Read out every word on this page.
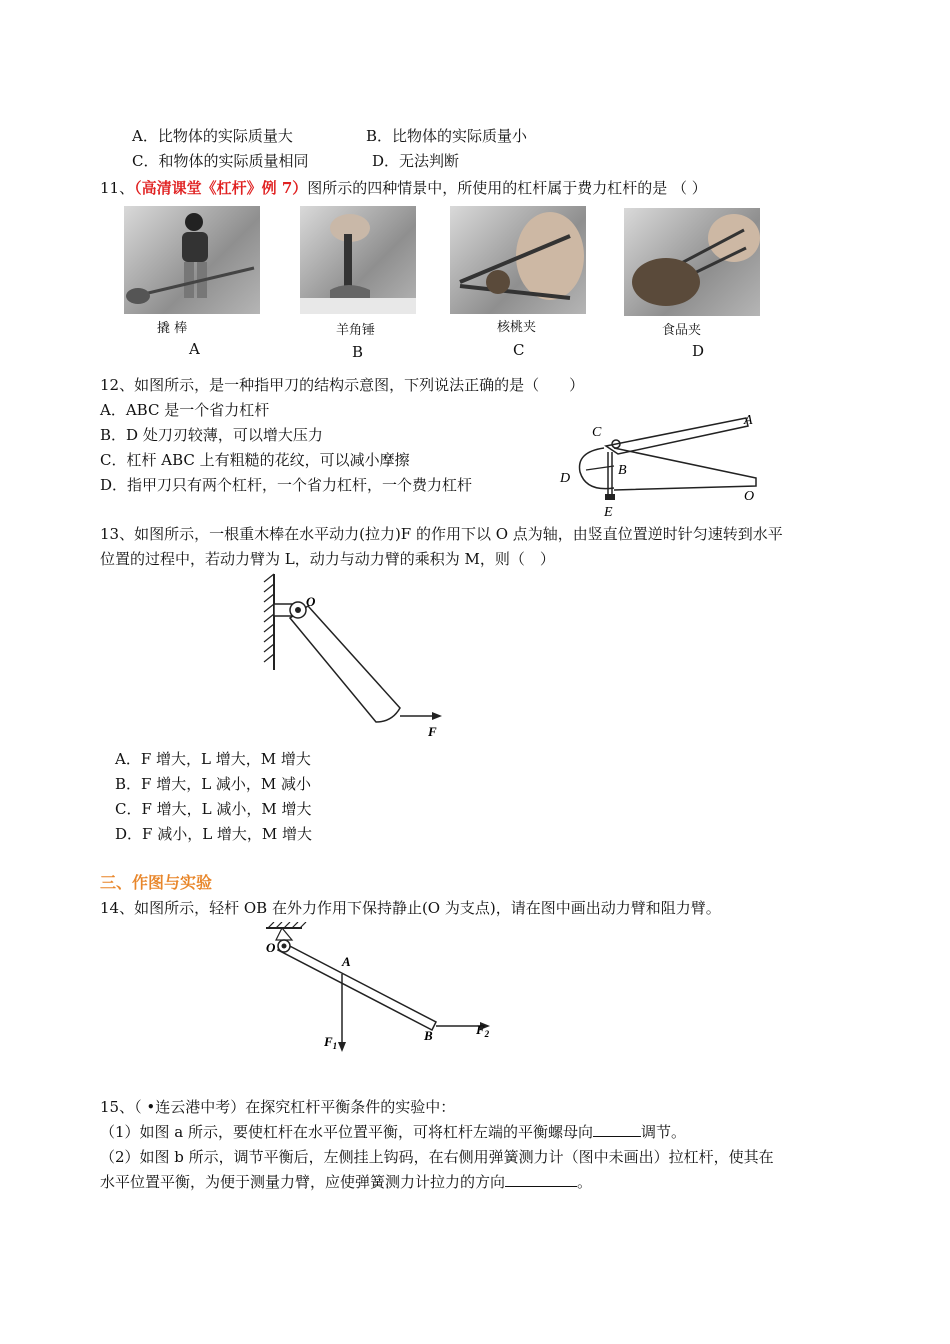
A．比物体的实际质量大	B．比物体的实际质量小
C．和物体的实际质量相同	D．无法判断
11、（高清课堂《杠杆》例 7）图所示的四种情景中，所使用的杠杆属于费力杠杆的是 （ ）
撬 棒	羊角锤	核桃夹	食品夹
A	B	C	D
12、如图所示，是一种指甲刀的结构示意图，下列说法正确的是（　　）
A．ABC 是一个省力杠杆
B．D 处刀刃较薄，可以增大压力
C．杠杆 ABC 上有粗糙的花纹，可以减小摩擦
D．指甲刀只有两个杠杆，一个省力杠杆，一个费力杠杆
C
A
B
D
E
O
13、如图所示，一根重木棒在水平动力(拉力)F 的作用下以 O 点为轴，由竖直位置逆时针匀速转到水平
位置的过程中，若动力臂为 L，动力与动力臂的乘积为 M，则（　）
O
F
A．F 增大，L 增大，M 增大
B．F 增大，L 减小，M 减小
C．F 增大，L 减小，M 增大
D．F 减小，L 增大，M 增大
三、作图与实验
14、如图所示，轻杆 OB 在外力作用下保持静止(O 为支点)，请在图中画出动力臂和阻力臂。
O
A
B
$F_1$
$F_2$
15、（ •连云港中考）在探究杠杆平衡条件的实验中：
（1）如图 a 所示，要使杠杆在水平位置平衡，可将杠杆左端的平衡螺母向	调节。
（2）如图 b 所示，调节平衡后，左侧挂上钩码，在右侧用弹簧测力计（图中未画出）拉杠杆，使其在
水平位置平衡，为便于测量力臂，应使弹簧测力计拉力的方向	。
